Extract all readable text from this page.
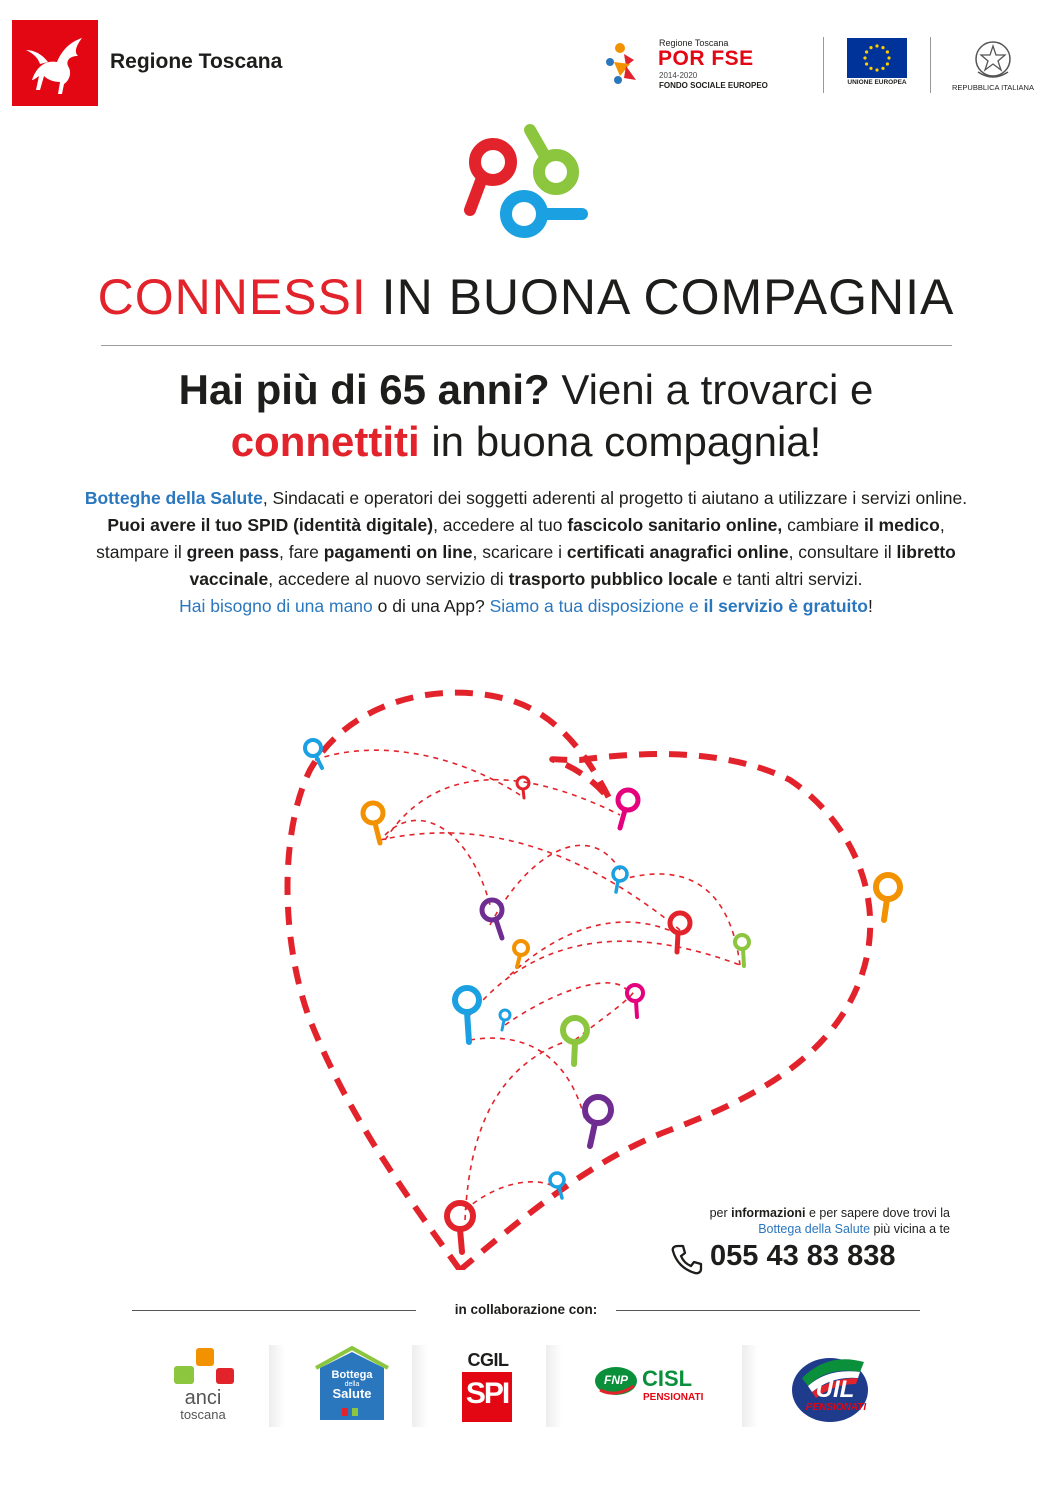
Regione Toscana
Regione Toscana
POR FSE
2014-2020
FONDO SOCIALE EUROPEO	UNIONE EUROPEA
REPUBBLICA ITALIANA
CONNESSI IN BUONA COMPAGNIA
Hai più di 65 anni? Vieni a trovarci e
connettiti in buona compagnia!
Botteghe della Salute, Sindacati e operatori dei soggetti aderenti al progetto ti aiutano a utilizzare i servizi online. Puoi avere il tuo SPID (identità digitale), accedere al tuo fascicolo sanitario online, cambiare il medico, stampare il green pass, fare pagamenti on line, scaricare i certificati anagrafici online, consultare il libretto vaccinale, accedere al nuovo servizio di trasporto pubblico locale e tanti altri servizi.
Hai bisogno di una mano o di una App? Siamo a tua disposizione e il servizio è gratuito!
per informazioni e per sapere dove trovi la
Bottega della Salute più vicina a te
055 43 83 838
in collaborazione con:
anci
toscana
Bottega
della
Salute
CGIL
SPI	FNP CISL
PENSIONATI	UIL
PENSIONATI
